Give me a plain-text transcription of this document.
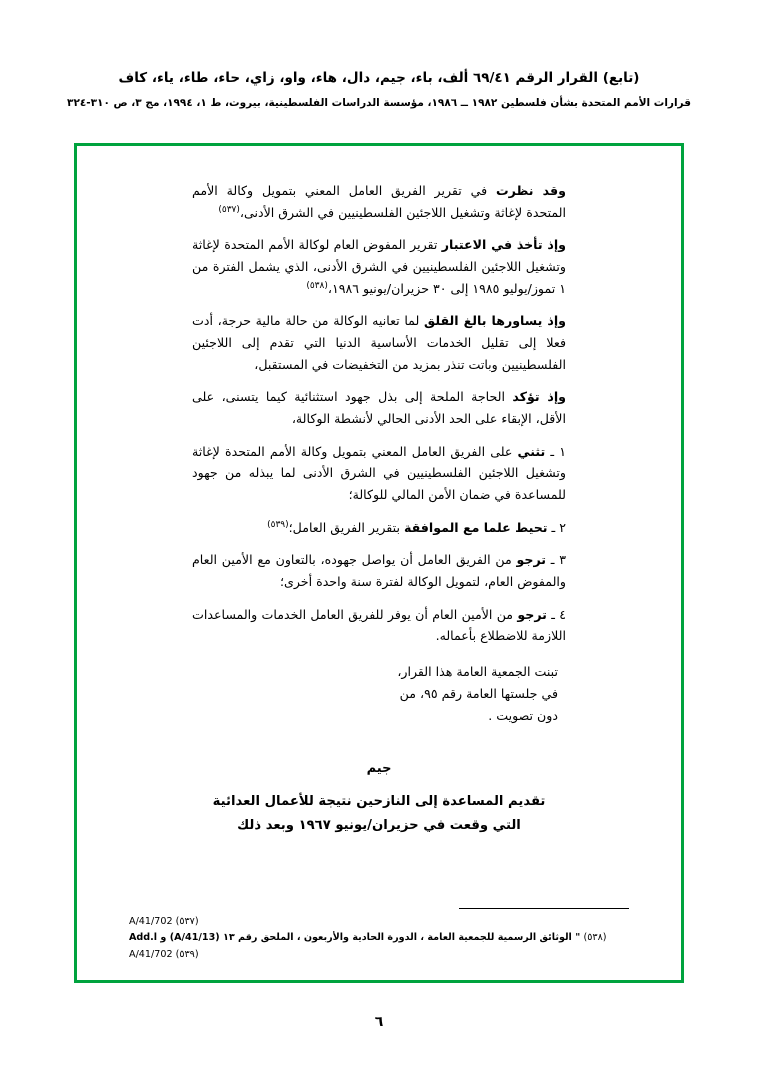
(تابع) القرار الرقم ٦٩/٤١ ألف، باء، جيم، دال، هاء، واو، زاي، حاء، طاء، ياء، كاف
قرارات الأمم المتحدة بشأن فلسطين ١٩٨٢ ــ ١٩٨٦، مؤسسة الدراسات الفلسطينية، بيروت، ط ١، ١٩٩٤، مج ٣، ص ٣١٠-٣٢٤

وقد نظرت في تقرير الفريق العامل المعني بتمويل وكالة الأمم المتحدة لإغاثة وتشغيل اللاجئين الفلسطينيين في الشرق الأدنى،$^{(٥٣٧)}$

وإذ تأخذ في الاعتبار تقرير المفوض العام لوكالة الأمم المتحدة لإغاثة وتشغيل اللاجئين الفلسطينيين في الشرق الأدنى، الذي يشمل الفترة من ١ تموز/يوليو ١٩٨٥ إلى ٣٠ حزيران/يونيو ١٩٨٦،$^{(٥٣٨)}$

وإذ يساورها بالغ القلق لما تعانيه الوكالة من حالة مالية حرجة، أدت فعلا إلى تقليل الخدمات الأساسية الدنيا التي تقدم إلى اللاجئين الفلسطينيين وباتت تنذر بمزيد من التخفيضات في المستقبل،

وإذ تؤكد الحاجة الملحة إلى بذل جهود استثنائية كيما يتسنى، على الأقل، الإبقاء على الحد الأدنى الحالي لأنشطة الوكالة،

١ ـ تثني على الفريق العامل المعني بتمويل وكالة الأمم المتحدة لإغاثة وتشغيل اللاجئين الفلسطينيين في الشرق الأدنى لما يبذله من جهود للمساعدة في ضمان الأمن المالي للوكالة؛

٢ ـ تحيط علما مع الموافقة بتقرير الفريق العامل؛$^{(٥٣٩)}$

٣ ـ ترجو من الفريق العامل أن يواصل جهوده، بالتعاون مع الأمين العام والمفوض العام، لتمويل الوكالة لفترة سنة واحدة أخرى؛

٤ ـ ترجو من الأمين العام أن يوفر للفريق العامل الخدمات والمساعدات اللازمة للاضطلاع بأعماله.

تبنت الجمعية العامة هذا القرار،
في جلستها العامة رقم ٩٥، من
دون تصويت .
جيم
تقديم المساعدة إلى النازحين نتيجة للأعمال العدائية
التي وقعت في حزيران/يونيو ١٩٦٧ وبعد ذلك
(٥٣٧) A/41/702
(٥٣٨) " الوثائق الرسمية للجمعية العامة ، الدورة الحادية والأربعون ، الملحق رقم ١٣ (A/41/13) و Add.l
(٥٣٩) A/41/702
٦
